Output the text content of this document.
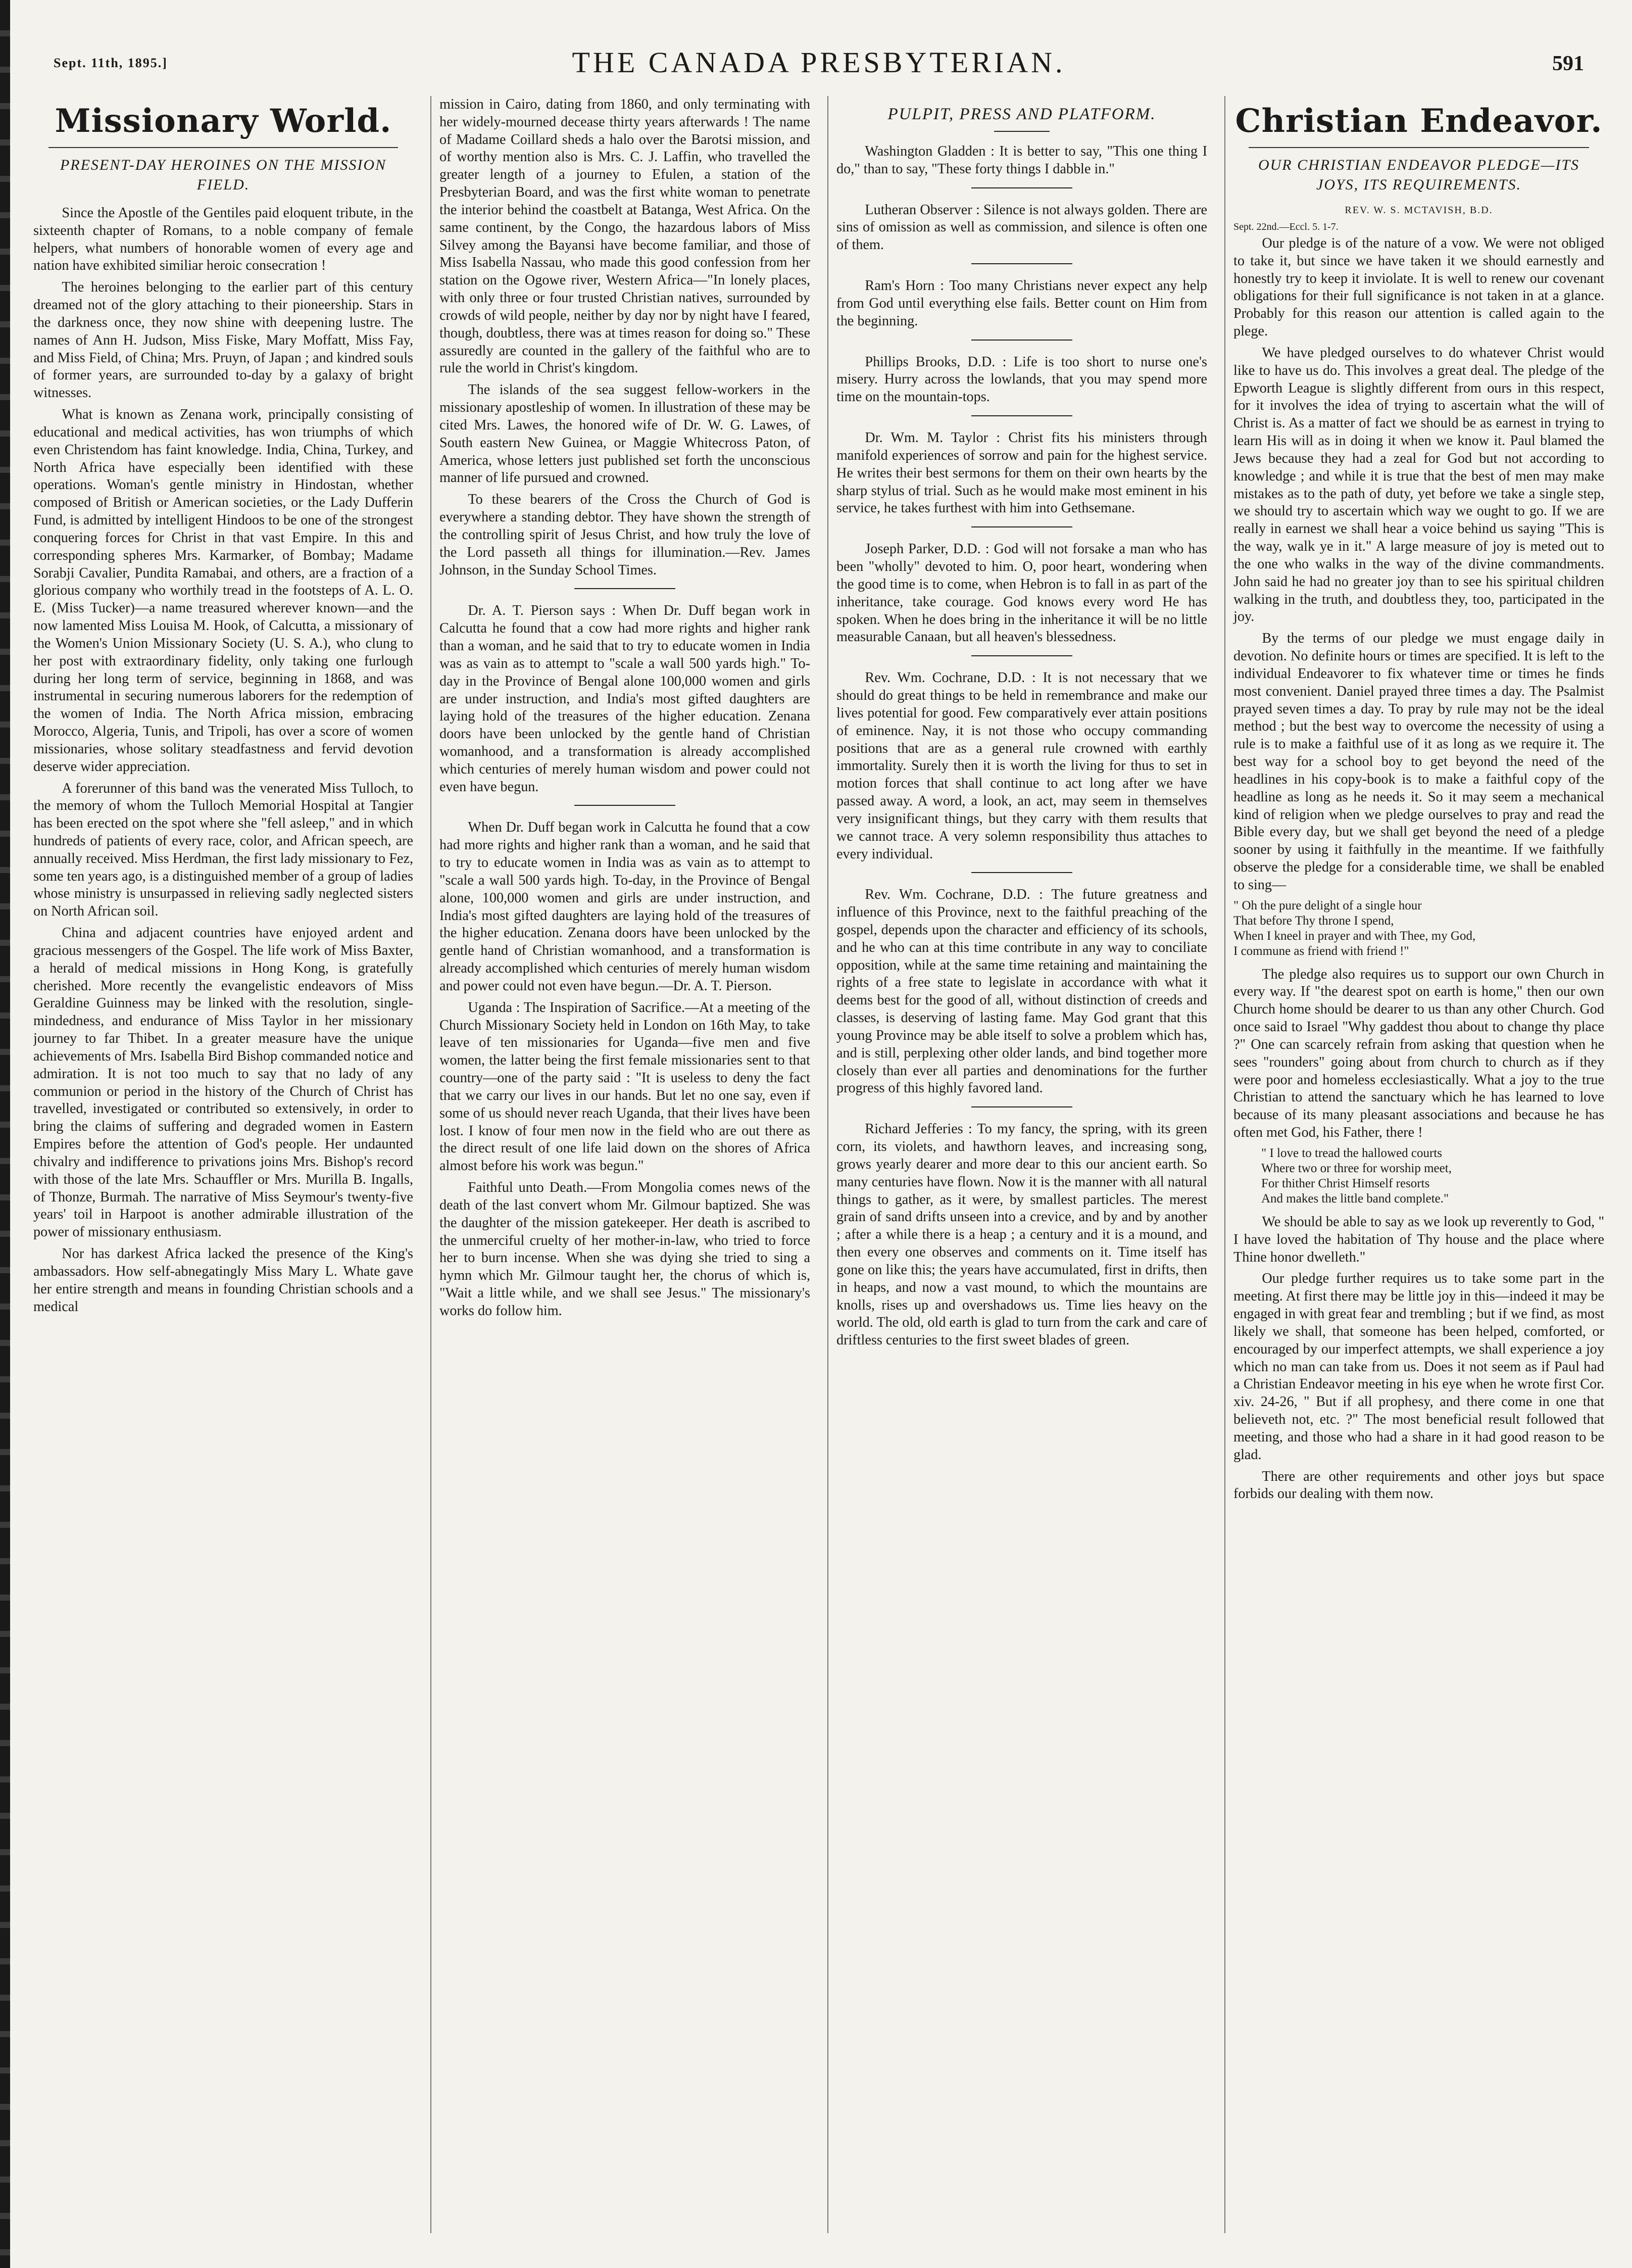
Sept. 11th, 1895.]	THE CANADA PRESBYTERIAN.	591
Missionary World.
PRESENT-DAY HEROINES ON THE MISSION FIELD.

Since the Apostle of the Gentiles paid eloquent tribute, in the sixteenth chapter of Romans, to a noble company of female helpers, what numbers of honorable women of every age and nation have exhibited similiar heroic consecration !

The heroines belonging to the earlier part of this century dreamed not of the glory attaching to their pioneership. Stars in the darkness once, they now shine with deepening lustre. The names of Ann H. Judson, Miss Fiske, Mary Moffatt, Miss Fay, and Miss Field, of China; Mrs. Pruyn, of Japan ; and kindred souls of former years, are surrounded to-day by a galaxy of bright witnesses.

What is known as Zenana work, principally consisting of educational and medical activities, has won triumphs of which even Christendom has faint knowledge. India, China, Turkey, and North Africa have especially been identified with these operations. Woman's gentle ministry in Hindostan, whether composed of British or American societies, or the Lady Dufferin Fund, is admitted by intelligent Hindoos to be one of the strongest conquering forces for Christ in that vast Empire. In this and corresponding spheres Mrs. Karmarker, of Bombay; Madame Sorabji Cavalier, Pundita Ramabai, and others, are a fraction of a glorious company who worthily tread in the footsteps of A. L. O. E. (Miss Tucker)—a name treasured wherever known—and the now lamented Miss Louisa M. Hook, of Calcutta, a missionary of the Women's Union Missionary Society (U. S. A.), who clung to her post with extraordinary fidelity, only taking one furlough during her long term of service, beginning in 1868, and was instrumental in securing numerous laborers for the redemption of the women of India. The North Africa mission, embracing Morocco, Algeria, Tunis, and Tripoli, has over a score of women missionaries, whose solitary steadfastness and fervid devotion deserve wider appreciation.

A forerunner of this band was the venerated Miss Tulloch, to the memory of whom the Tulloch Memorial Hospital at Tangier has been erected on the spot where she "fell asleep," and in which hundreds of patients of every race, color, and African speech, are annually received. Miss Herdman, the first lady missionary to Fez, some ten years ago, is a distinguished member of a group of ladies whose ministry is unsurpassed in relieving sadly neglected sisters on North African soil.

China and adjacent countries have enjoyed ardent and gracious messengers of the Gospel. The life work of Miss Baxter, a herald of medical missions in Hong Kong, is gratefully cherished. More recently the evangelistic endeavors of Miss Geraldine Guinness may be linked with the resolution, single-mindedness, and endurance of Miss Taylor in her missionary journey to far Thibet. In a greater measure have the unique achievements of Mrs. Isabella Bird Bishop commanded notice and admiration. It is not too much to say that no lady of any communion or period in the history of the Church of Christ has travelled, investigated or contributed so extensively, in order to bring the claims of suffering and degraded women in Eastern Empires before the attention of God's people. Her undaunted chivalry and indifference to privations joins Mrs. Bishop's record with those of the late Mrs. Schauffler or Mrs. Murilla B. Ingalls, of Thonze, Burmah. The narrative of Miss Seymour's twenty-five years' toil in Harpoot is another admirable illustration of the power of missionary enthusiasm.

Nor has darkest Africa lacked the presence of the King's ambassadors. How self-abnegatingly Miss Mary L. Whate gave her entire strength and means in founding Christian schools and a medical

mission in Cairo, dating from 1860, and only terminating with her widely-mourned decease thirty years afterwards ! The name of Madame Coillard sheds a halo over the Barotsi mission, and of worthy mention also is Mrs. C. J. Laffin, who travelled the greater length of a journey to Efulen, a station of the Presbyterian Board, and was the first white woman to penetrate the interior behind the coastbelt at Batanga, West Africa. On the same continent, by the Congo, the hazardous labors of Miss Silvey among the Bayansi have become familiar, and those of Miss Isabella Nassau, who made this good confession from her station on the Ogowe river, Western Africa—"In lonely places, with only three or four trusted Christian natives, surrounded by crowds of wild people, neither by day nor by night have I feared, though, doubtless, there was at times reason for doing so." These assuredly are counted in the gallery of the faithful who are to rule the world in Christ's kingdom.

The islands of the sea suggest fellow-workers in the missionary apostleship of women. In illustration of these may be cited Mrs. Lawes, the honored wife of Dr. W. G. Lawes, of South eastern New Guinea, or Maggie Whitecross Paton, of America, whose letters just published set forth the unconscious manner of life pursued and crowned.

To these bearers of the Cross the Church of God is everywhere a standing debtor. They have shown the strength of the controlling spirit of Jesus Christ, and how truly the love of the Lord passeth all things for illumination.—Rev. James Johnson, in the Sunday School Times.

Dr. A. T. Pierson says : When Dr. Duff began work in Calcutta he found that a cow had more rights and higher rank than a woman, and he said that to try to educate women in India was as vain as to attempt to "scale a wall 500 yards high." To-day in the Province of Bengal alone 100,000 women and girls are under instruction, and India's most gifted daughters are laying hold of the treasures of the higher education. Zenana doors have been unlocked by the gentle hand of Christian womanhood, and a transformation is already accomplished which centuries of merely human wisdom and power could not even have begun.

When Dr. Duff began work in Calcutta he found that a cow had more rights and higher rank than a woman, and he said that to try to educate women in India was as vain as to attempt to "scale a wall 500 yards high. To-day, in the Province of Bengal alone, 100,000 women and girls are under instruction, and India's most gifted daughters are laying hold of the treasures of the higher education. Zenana doors have been unlocked by the gentle hand of Christian womanhood, and a transformation is already accomplished which centuries of merely human wisdom and power could not even have begun.—Dr. A. T. Pierson.

Uganda : The Inspiration of Sacrifice.—At a meeting of the Church Missionary Society held in London on 16th May, to take leave of ten missionaries for Uganda—five men and five women, the latter being the first female missionaries sent to that country—one of the party said : "It is useless to deny the fact that we carry our lives in our hands. But let no one say, even if some of us should never reach Uganda, that their lives have been lost. I know of four men now in the field who are out there as the direct result of one life laid down on the shores of Africa almost before his work was begun."

Faithful unto Death.—From Mongolia comes news of the death of the last convert whom Mr. Gilmour baptized. She was the daughter of the mission gatekeeper. Her death is ascribed to the unmerciful cruelty of her mother-in-law, who tried to force her to burn incense. When she was dying she tried to sing a hymn which Mr. Gilmour taught her, the chorus of which is, "Wait a little while, and we shall see Jesus." The missionary's works do follow him.

PULPIT, PRESS AND PLATFORM.

Washington Gladden : It is better to say, "This one thing I do," than to say, "These forty things I dabble in."

Lutheran Observer : Silence is not always golden. There are sins of omission as well as commission, and silence is often one of them.

Ram's Horn : Too many Christians never expect any help from God until everything else fails. Better count on Him from the beginning.

Phillips Brooks, D.D. : Life is too short to nurse one's misery. Hurry across the lowlands, that you may spend more time on the mountain-tops.

Dr. Wm. M. Taylor : Christ fits his ministers through manifold experiences of sorrow and pain for the highest service. He writes their best sermons for them on their own hearts by the sharp stylus of trial. Such as he would make most eminent in his service, he takes furthest with him into Gethsemane.

Joseph Parker, D.D. : God will not forsake a man who has been "wholly" devoted to him. O, poor heart, wondering when the good time is to come, when Hebron is to fall in as part of the inheritance, take courage. God knows every word He has spoken. When he does bring in the inheritance it will be no little measurable Canaan, but all heaven's blessedness.

Rev. Wm. Cochrane, D.D. : It is not necessary that we should do great things to be held in remembrance and make our lives potential for good. Few comparatively ever attain positions of eminence. Nay, it is not those who occupy commanding positions that are as a general rule crowned with earthly immortality. Surely then it is worth the living for thus to set in motion forces that shall continue to act long after we have passed away. A word, a look, an act, may seem in themselves very insignificant things, but they carry with them results that we cannot trace. A very solemn responsibility thus attaches to every individual.

Rev. Wm. Cochrane, D.D. : The future greatness and influence of this Province, next to the faithful preaching of the gospel, depends upon the character and efficiency of its schools, and he who can at this time contribute in any way to conciliate opposition, while at the same time retaining and maintaining the rights of a free state to legislate in accordance with what it deems best for the good of all, without distinction of creeds and classes, is deserving of lasting fame. May God grant that this young Province may be able itself to solve a problem which has, and is still, perplexing other older lands, and bind together more closely than ever all parties and denominations for the further progress of this highly favored land.

Richard Jefferies : To my fancy, the spring, with its green corn, its violets, and hawthorn leaves, and increasing song, grows yearly dearer and more dear to this our ancient earth. So many centuries have flown. Now it is the manner with all natural things to gather, as it were, by smallest particles. The merest grain of sand drifts unseen into a crevice, and by and by another ; after a while there is a heap ; a century and it is a mound, and then every one observes and comments on it. Time itself has gone on like this; the years have accumulated, first in drifts, then in heaps, and now a vast mound, to which the mountains are knolls, rises up and overshadows us. Time lies heavy on the world. The old, old earth is glad to turn from the cark and care of driftless centuries to the first sweet blades of green.

Christian Endeavor.
OUR CHRISTIAN ENDEAVOR PLEDGE—ITS JOYS, ITS REQUIREMENTS.
REV. W. S. MCTAVISH, B.D.
Sept. 22nd.—Eccl. 5. 1-7.

Our pledge is of the nature of a vow. We were not obliged to take it, but since we have taken it we should earnestly and honestly try to keep it inviolate. It is well to renew our covenant obligations for their full significance is not taken in at a glance. Probably for this reason our attention is called again to the plege.

We have pledged ourselves to do whatever Christ would like to have us do. This involves a great deal. The pledge of the Epworth League is slightly different from ours in this respect, for it involves the idea of trying to ascertain what the will of Christ is. As a matter of fact we should be as earnest in trying to learn His will as in doing it when we know it. Paul blamed the Jews because they had a zeal for God but not according to knowledge ; and while it is true that the best of men may make mistakes as to the path of duty, yet before we take a single step, we should try to ascertain which way we ought to go. If we are really in earnest we shall hear a voice behind us saying "This is the way, walk ye in it." A large measure of joy is meted out to the one who walks in the way of the divine commandments. John said he had no greater joy than to see his spiritual children walking in the truth, and doubtless they, too, participated in the joy.

By the terms of our pledge we must engage daily in devotion. No definite hours or times are specified. It is left to the individual Endeavorer to fix whatever time or times he finds most convenient. Daniel prayed three times a day. The Psalmist prayed seven times a day. To pray by rule may not be the ideal method ; but the best way to overcome the necessity of using a rule is to make a faithful use of it as long as we require it. The best way for a school boy to get beyond the need of the headlines in his copy-book is to make a faithful copy of the headline as long as he needs it. So it may seem a mechanical kind of religion when we pledge ourselves to pray and read the Bible every day, but we shall get beyond the need of a pledge sooner by using it faithfully in the meantime. If we faithfully observe the pledge for a considerable time, we shall be enabled to sing—

" Oh the pure delight of a single hour
That before Thy throne I spend,
When I kneel in prayer and with Thee, my God,
I commune as friend with friend !"

The pledge also requires us to support our own Church in every way. If "the dearest spot on earth is home," then our own Church home should be dearer to us than any other Church. God once said to Israel "Why gaddest thou about to change thy place ?" One can scarcely refrain from asking that question when he sees "rounders" going about from church to church as if they were poor and homeless ecclesiastically. What a joy to the true Christian to attend the sanctuary which he has learned to love because of its many pleasant associations and because he has often met God, his Father, there !

" I love to tread the hallowed courts
Where two or three for worship meet,
For thither Christ Himself resorts
And makes the little band complete."

We should be able to say as we look up reverently to God, " I have loved the habitation of Thy house and the place where Thine honor dwelleth."

Our pledge further requires us to take some part in the meeting. At first there may be little joy in this—indeed it may be engaged in with great fear and trembling ; but if we find, as most likely we shall, that someone has been helped, comforted, or encouraged by our imperfect attempts, we shall experience a joy which no man can take from us. Does it not seem as if Paul had a Christian Endeavor meeting in his eye when he wrote first Cor. xiv. 24-26, " But if all prophesy, and there come in one that believeth not, etc. ?" The most beneficial result followed that meeting, and those who had a share in it had good reason to be glad.

There are other requirements and other joys but space forbids our dealing with them now.
